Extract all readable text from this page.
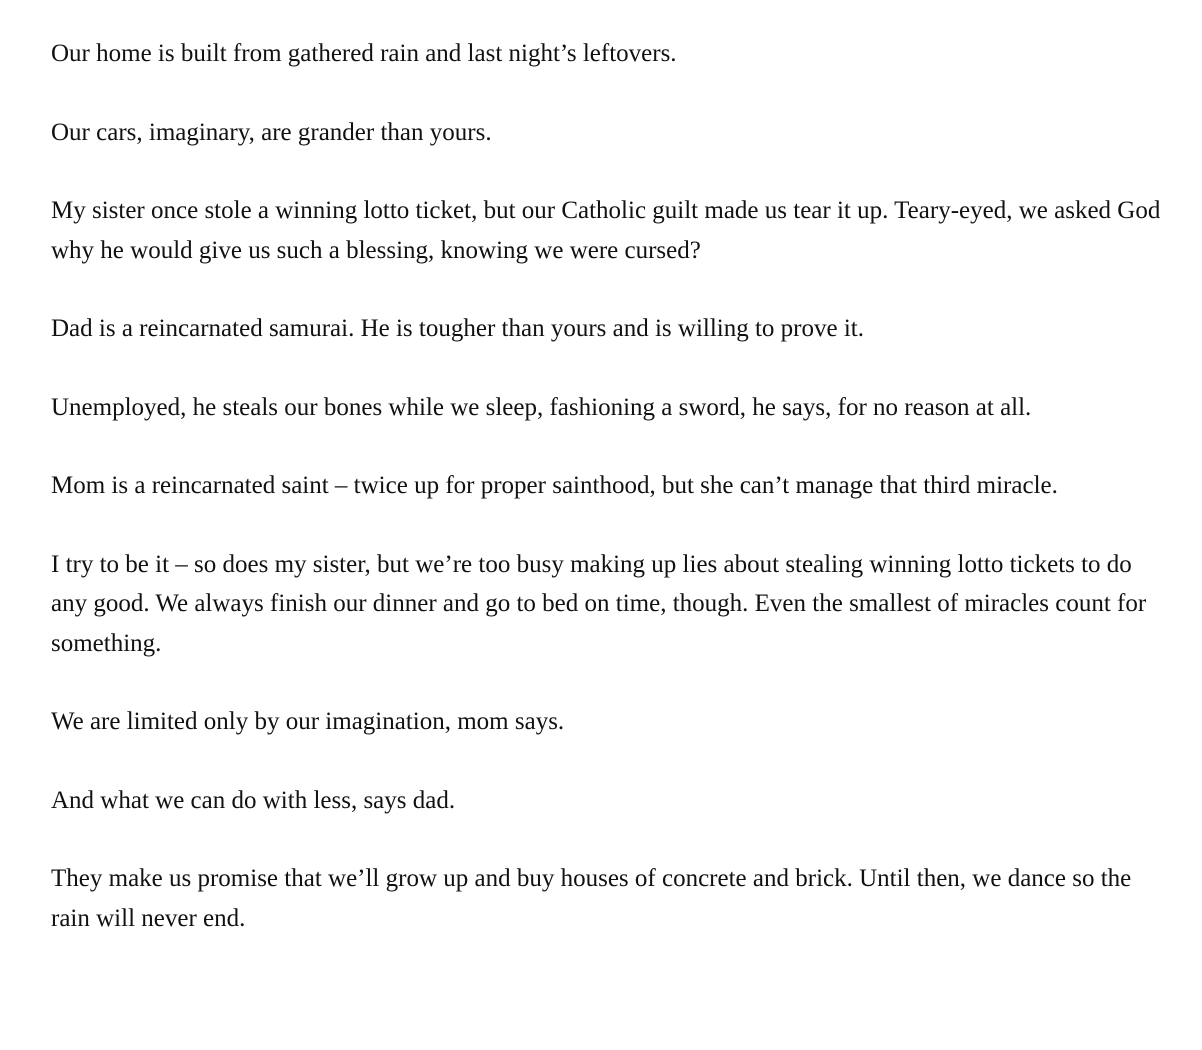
Our home is built from gathered rain and last night’s leftovers.

Our cars, imaginary, are grander than yours.

My sister once stole a winning lotto ticket, but our Catholic guilt made us tear it up. Teary-eyed, we asked God why he would give us such a blessing, knowing we were cursed?

Dad is a reincarnated samurai. He is tougher than yours and is willing to prove it.

Unemployed, he steals our bones while we sleep, fashioning a sword, he says, for no reason at all.

Mom is a reincarnated saint – twice up for proper sainthood, but she can’t manage that third miracle.

I try to be it – so does my sister, but we’re too busy making up lies about stealing winning lotto tickets to do any good. We always finish our dinner and go to bed on time, though. Even the smallest of miracles count for something.

We are limited only by our imagination, mom says.

And what we can do with less, says dad.

They make us promise that we’ll grow up and buy houses of concrete and brick. Until then, we dance so the rain will never end.
